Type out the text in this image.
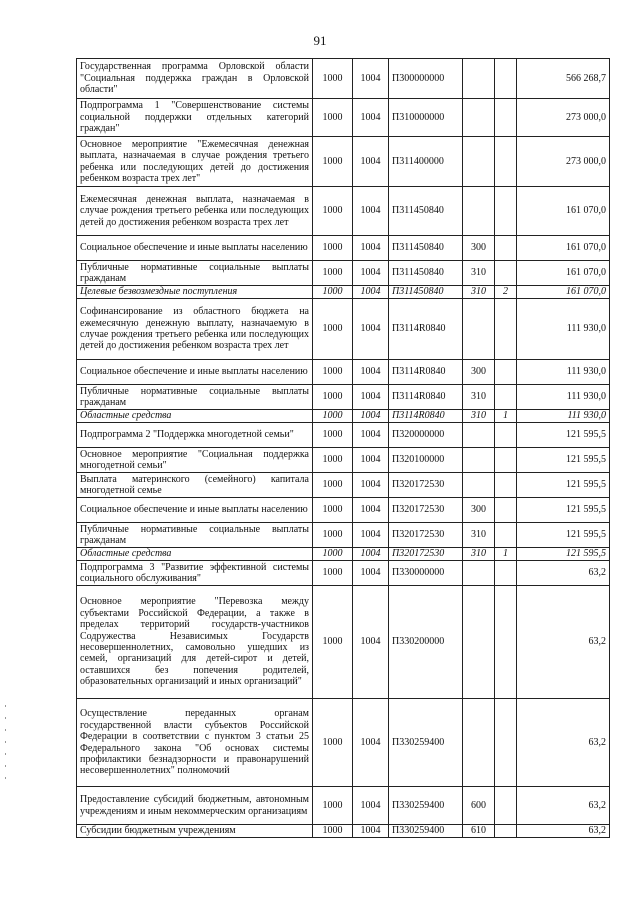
91
Государственная программа Орловской области "Социальная поддержка граждан в Орловской области"	1000	1004	П300000000			566 268,7
Подпрограмма 1 "Совершенствование системы социальной поддержки отдельных категорий граждан"	1000	1004	П310000000			273 000,0
Основное мероприятие "Ежемесячная денежная выплата, назначаемая в случае рождения третьего ребенка или последующих детей до достижения ребенком возраста трех лет"	1000	1004	П311400000			273 000,0
Ежемесячная денежная выплата, назначаемая в случае рождения третьего ребенка или последующих детей до достижения ребенком возраста трех лет	1000	1004	П311450840			161 070,0
Социальное обеспечение и иные выплаты населению	1000	1004	П311450840	300		161 070,0
Публичные нормативные социальные выплаты гражданам	1000	1004	П311450840	310		161 070,0
Целевые безвозмездные поступления	1000	1004	П311450840	310	2	161 070,0
Софинансирование из областного бюджета на ежемесячную денежную выплату, назначаемую в случае рождения третьего ребенка или последующих детей до достижения ребенком возраста трех лет	1000	1004	П3114R0840			111 930,0
Социальное обеспечение и иные выплаты населению	1000	1004	П3114R0840	300		111 930,0
Публичные нормативные социальные выплаты гражданам	1000	1004	П3114R0840	310		111 930,0
Областные средства	1000	1004	П3114R0840	310	1	111 930,0
Подпрограмма 2 "Поддержка многодетной семьи"	1000	1004	П320000000			121 595,5
Основное мероприятие "Социальная поддержка многодетной семьи"	1000	1004	П320100000			121 595,5
Выплата материнского (семейного) капитала многодетной семье	1000	1004	П320172530			121 595,5
Социальное обеспечение и иные выплаты населению	1000	1004	П320172530	300		121 595,5
Публичные нормативные социальные выплаты гражданам	1000	1004	П320172530	310		121 595,5
Областные средства	1000	1004	П320172530	310	1	121 595,5
Подпрограмма 3 "Развитие эффективной системы социального обслуживания"	1000	1004	П330000000			63,2
Основное мероприятие "Перевозка между субъектами Российской Федерации, а также в пределах территорий государств-участников Содружества Независимых Государств несовершеннолетних, самовольно ушедших из семей, организаций для детей-сирот и детей, оставшихся без попечения родителей, образовательных организаций и иных организаций"	1000	1004	П330200000			63,2
Осуществление переданных органам государственной власти субъектов Российской Федерации в соответствии с пунктом 3 статьи 25 Федерального закона "Об основах системы профилактики безнадзорности и правонарушений несовершеннолетних" полномочий	1000	1004	П330259400			63,2
Предоставление субсидий бюджетным, автономным учреждениям и иным некоммерческим организациям	1000	1004	П330259400	600		63,2
Субсидии бюджетным учреждениям	1000	1004	П330259400	610		63,2
